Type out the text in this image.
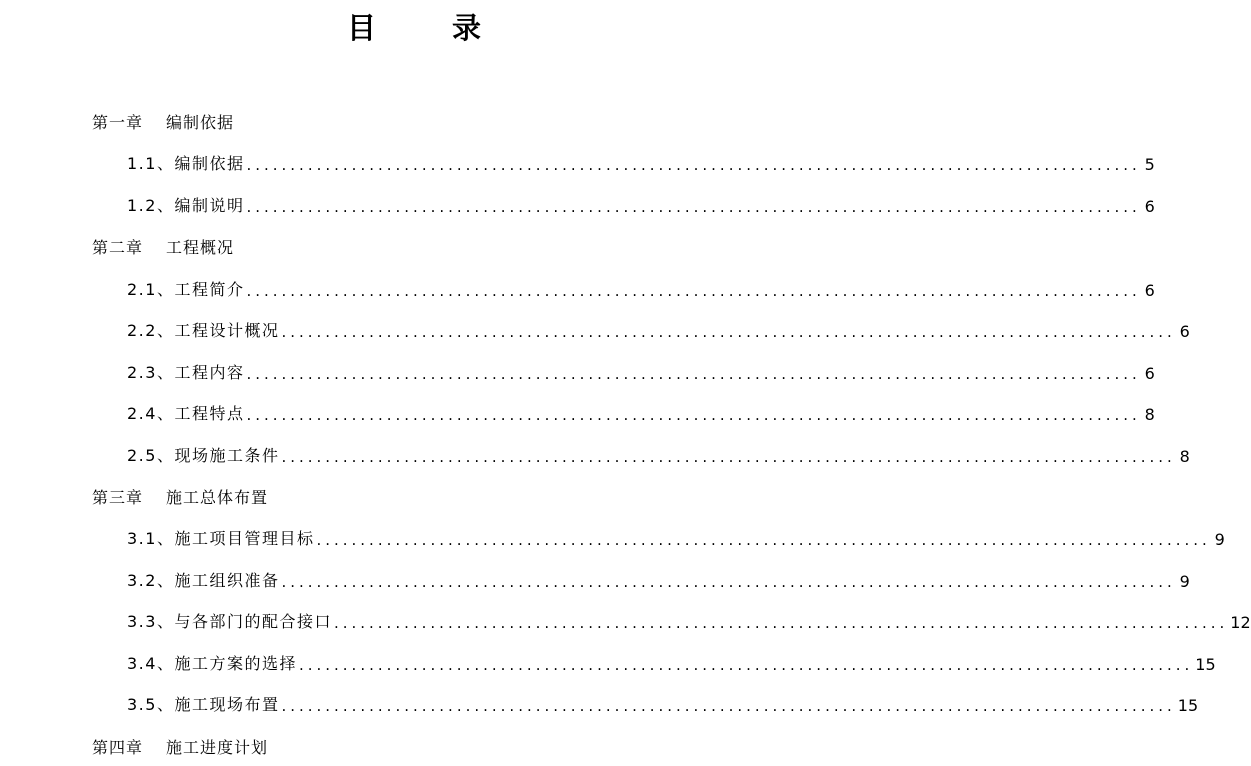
目	录
第一章 编制依据
1.1、编制依据 ...................................................................................................... 5
1.2、编制说明 ...................................................................................................... 6
第二章 工程概况
2.1、工程简介 ...................................................................................................... 6
2.2、工程设计概况 ...................................................................................................... 6
2.3、工程内容 ...................................................................................................... 6
2.4、工程特点 ...................................................................................................... 8
2.5、现场施工条件 ...................................................................................................... 8
第三章 施工总体布置
3.1、施工项目管理目标 ...................................................................................................... 9
3.2、施工组织准备 ...................................................................................................... 9
3.3、与各部门的配合接口 ...................................................................................................... 12
3.4、施工方案的选择 ...................................................................................................... 15
3.5、施工现场布置 ...................................................................................................... 15
第四章 施工进度计划
